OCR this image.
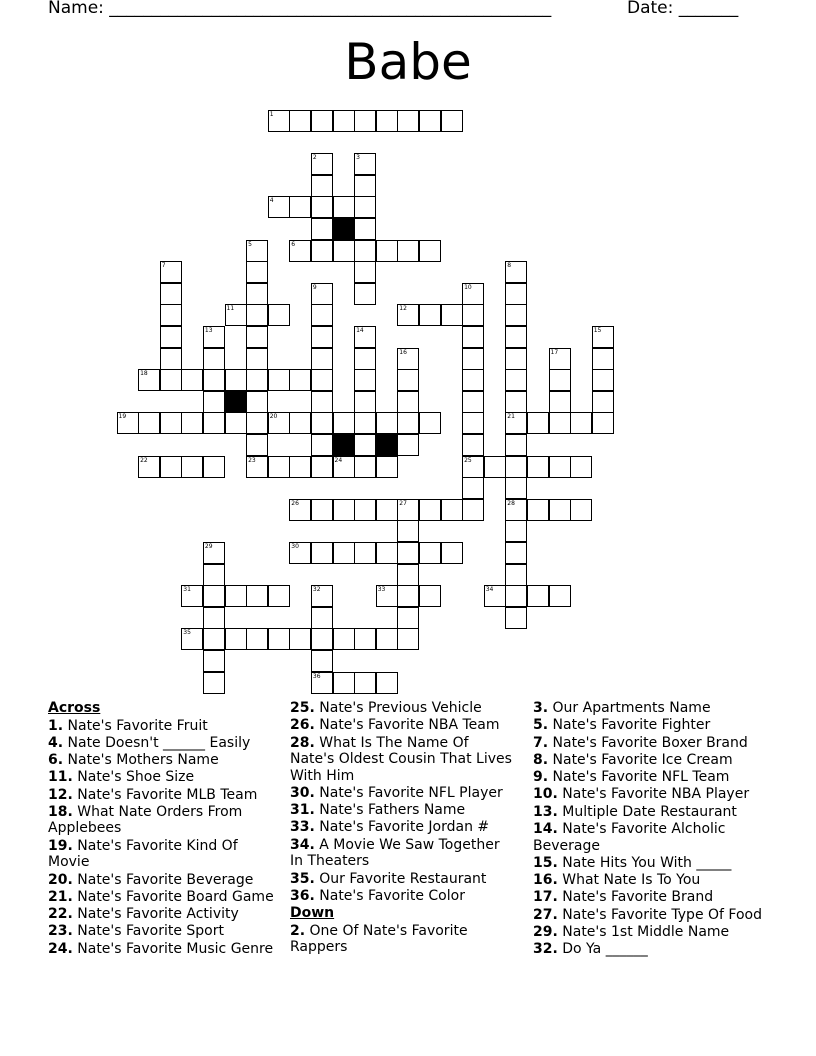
Name: ____________________________________________________	Date: _______
Babe
1
2	3
4
5	6
7	8
21
28
9	10
25
11	12
13	14	15
16	17
18
19	20
22	23	24
26	27
29	30
31	32
36
33	34
35
Across
1. Nate's Favorite Fruit
4. Nate Doesn't ______ Easily
6. Nate's Mothers Name
11. Nate's Shoe Size
12. Nate's Favorite MLB Team
18. What Nate Orders From Applebees
19. Nate's Favorite Kind Of Movie
20. Nate's Favorite Beverage
21. Nate's Favorite Board Game
22. Nate's Favorite Activity
23. Nate's Favorite Sport
24. Nate's Favorite Music Genre
25. Nate's Previous Vehicle
26. Nate's Favorite NBA Team
28. What Is The Name Of Nate's Oldest Cousin That Lives With Him
30. Nate's Favorite NFL Player
31. Nate's Fathers Name
33. Nate's Favorite Jordan #
34. A Movie We Saw Together In Theaters
35. Our Favorite Restaurant
36. Nate's Favorite Color
Down
2. One Of Nate's Favorite Rappers
3. Our Apartments Name
5. Nate's Favorite Fighter
7. Nate's Favorite Boxer Brand
8. Nate's Favorite Ice Cream
9. Nate's Favorite NFL Team
10. Nate's Favorite NBA Player
13. Multiple Date Restaurant
14. Nate's Favorite Alcholic Beverage
15. Nate Hits You With _____
16. What Nate Is To You
17. Nate's Favorite Brand
27. Nate's Favorite Type Of Food
29. Nate's 1st Middle Name
32. Do Ya ______
